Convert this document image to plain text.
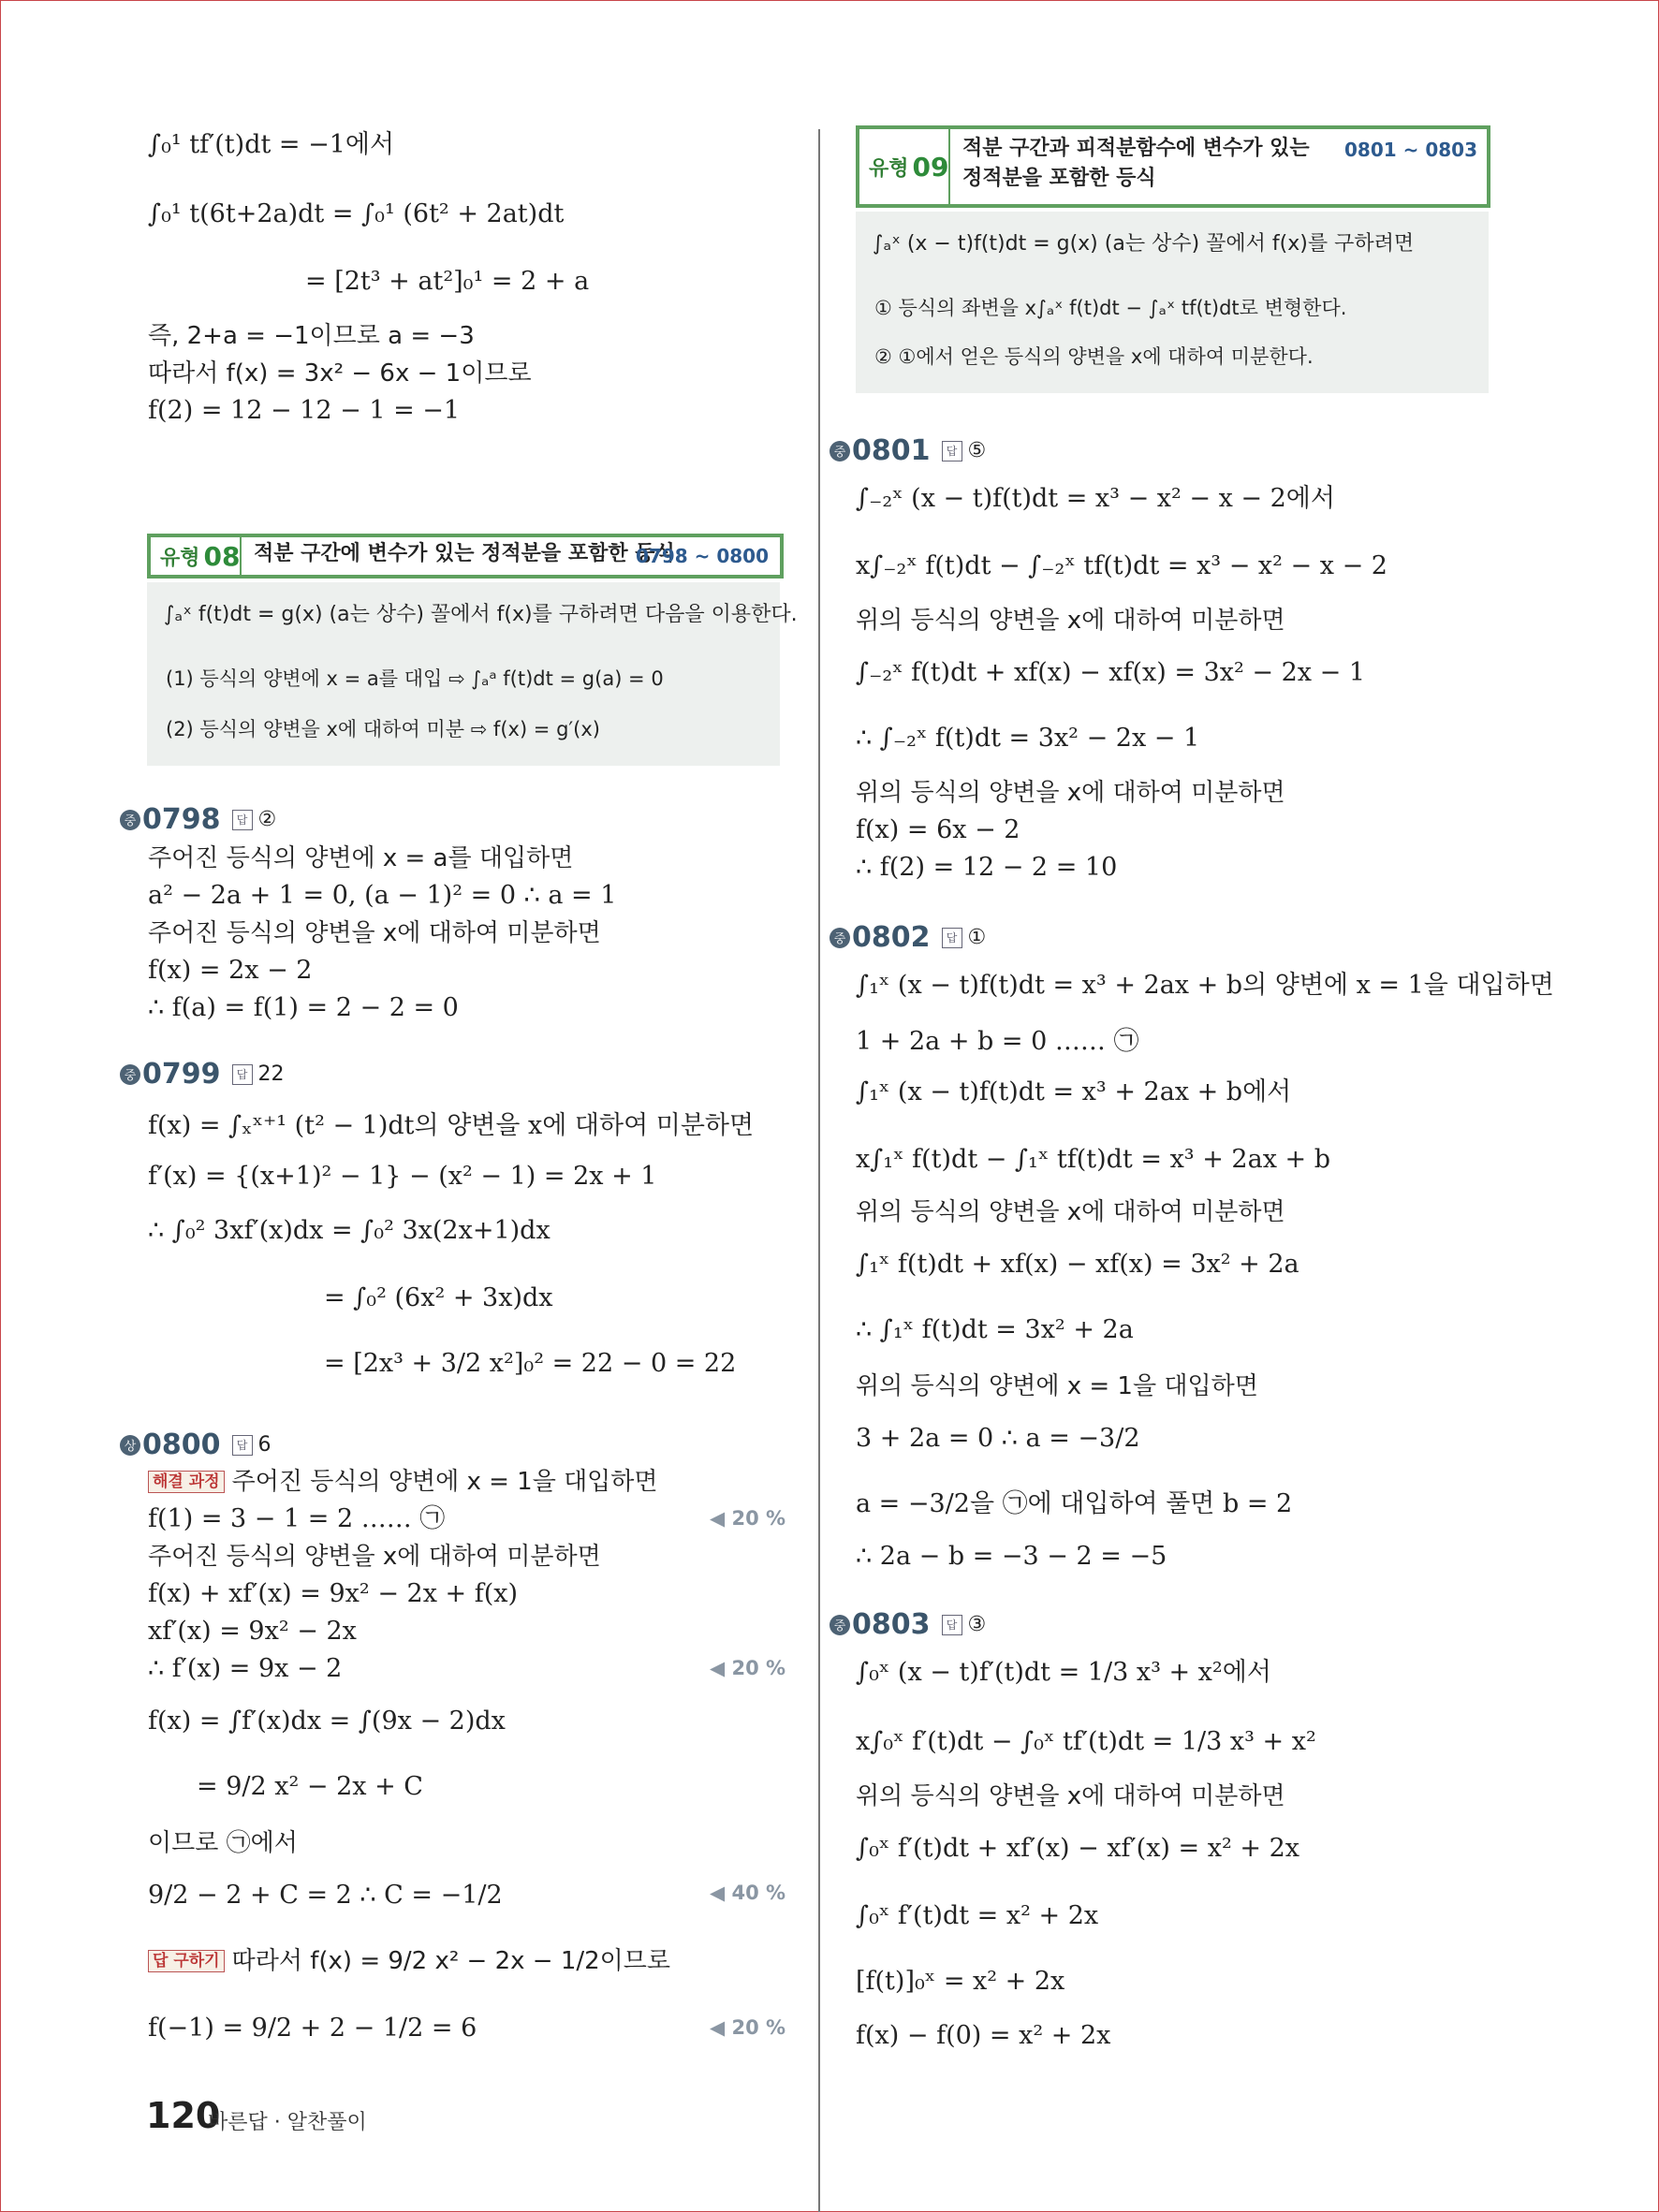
∫₀¹ tf′(t)dt = −1에서
∫₀¹ t(6t+2a)dt = ∫₀¹ (6t² + 2at)dt
= [2t³ + at²]₀¹ = 2 + a
즉, 2+a = −1이므로 a = −3
따라서 f(x) = 3x² − 6x − 1이므로
f(2) = 12 − 12 − 1 = −1
유형 08 적분 구간에 변수가 있는 정적분을 포함한 등식
0798 ~ 0800
∫ₐˣ f(t)dt = g(x) (a는 상수) 꼴에서 f(x)를 구하려면 다음을 이용한다.
(1) 등식의 양변에 x = a를 대입 ⇨ ∫ₐᵃ f(t)dt = g(a) = 0
(2) 등식의 양변을 x에 대하여 미분 ⇨ f(x) = g′(x)
중 0798	답 ②
주어진 등식의 양변에 x = a를 대입하면
a² − 2a + 1 = 0, (a − 1)² = 0 ∴ a = 1
주어진 등식의 양변을 x에 대하여 미분하면
f(x) = 2x − 2
∴ f(a) = f(1) = 2 − 2 = 0
중 0799	답 22
f(x) = ∫ₓˣ⁺¹ (t² − 1)dt의 양변을 x에 대하여 미분하면
f′(x) = {(x+1)² − 1} − (x² − 1) = 2x + 1
∴ ∫₀² 3xf′(x)dx = ∫₀² 3x(2x+1)dx
= ∫₀² (6x² + 3x)dx
= [2x³ + 3/2 x²]₀² = 22 − 0 = 22
상 0800	답 6
해결 과정 주어진 등식의 양변에 x = 1을 대입하면
f(1) = 3 − 1 = 2 …… ㉠	◀ 20 %
주어진 등식의 양변을 x에 대하여 미분하면
f(x) + xf′(x) = 9x² − 2x + f(x)
xf′(x) = 9x² − 2x
∴ f′(x) = 9x − 2	◀ 20 %
f(x) = ∫f′(x)dx = ∫(9x − 2)dx
= 9/2 x² − 2x + C
이므로 ㉠에서
9/2 − 2 + C = 2 ∴ C = −1/2	◀ 40 %
답 구하기 따라서 f(x) = 9/2 x² − 2x − 1/2이므로
f(−1) = 9/2 + 2 − 1/2 = 6	◀ 20 %
유형 09
적분 구간과 피적분함수에 변수가 있는
정적분을 포함한 등식
0801 ~ 0803
∫ₐˣ (x − t)f(t)dt = g(x) (a는 상수) 꼴에서 f(x)를 구하려면
① 등식의 좌변을 x∫ₐˣ f(t)dt − ∫ₐˣ tf(t)dt로 변형한다.
② ①에서 얻은 등식의 양변을 x에 대하여 미분한다.
중 0801	답 ⑤
∫₋₂ˣ (x − t)f(t)dt = x³ − x² − x − 2에서
x∫₋₂ˣ f(t)dt − ∫₋₂ˣ tf(t)dt = x³ − x² − x − 2
위의 등식의 양변을 x에 대하여 미분하면
∫₋₂ˣ f(t)dt + xf(x) − xf(x) = 3x² − 2x − 1
∴ ∫₋₂ˣ f(t)dt = 3x² − 2x − 1
위의 등식의 양변을 x에 대하여 미분하면
f(x) = 6x − 2
∴ f(2) = 12 − 2 = 10
중 0802	답 ①
∫₁ˣ (x − t)f(t)dt = x³ + 2ax + b의 양변에 x = 1을 대입하면
1 + 2a + b = 0 …… ㉠
∫₁ˣ (x − t)f(t)dt = x³ + 2ax + b에서
x∫₁ˣ f(t)dt − ∫₁ˣ tf(t)dt = x³ + 2ax + b
위의 등식의 양변을 x에 대하여 미분하면
∫₁ˣ f(t)dt + xf(x) − xf(x) = 3x² + 2a
∴ ∫₁ˣ f(t)dt = 3x² + 2a
위의 등식의 양변에 x = 1을 대입하면
3 + 2a = 0 ∴ a = −3/2
a = −3/2을 ㉠에 대입하여 풀면 b = 2
∴ 2a − b = −3 − 2 = −5
중 0803	답 ③
∫₀ˣ (x − t)f′(t)dt = 1/3 x³ + x²에서
x∫₀ˣ f′(t)dt − ∫₀ˣ tf′(t)dt = 1/3 x³ + x²
위의 등식의 양변을 x에 대하여 미분하면
∫₀ˣ f′(t)dt + xf′(x) − xf′(x) = x² + 2x
∫₀ˣ f′(t)dt = x² + 2x
[f(t)]₀ˣ = x² + 2x
f(x) − f(0) = x² + 2x
120
바른답 · 알찬풀이
